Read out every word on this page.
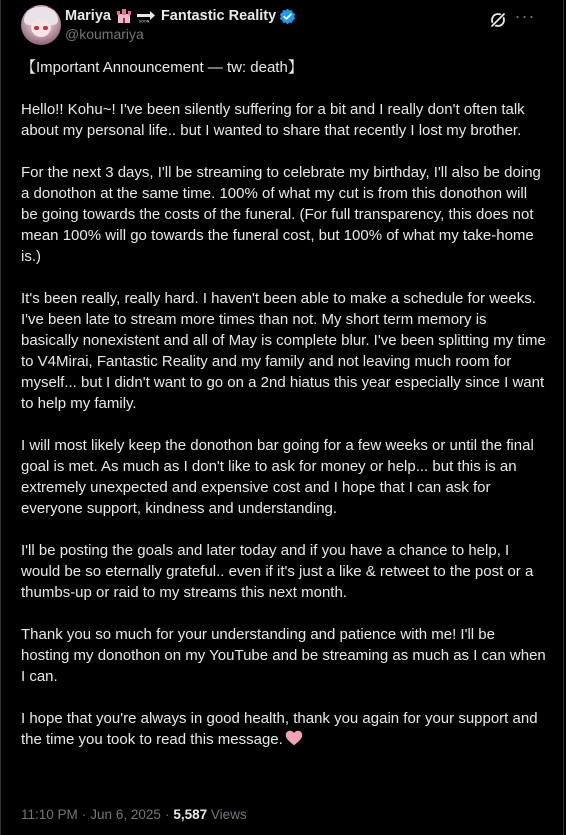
Mariya	SOON Fantastic Reality
@koumariya
···

【Important Announcement — tw: death】

Hello!! Kohu~! I've been silently suffering for a bit and I really don't often talk about my personal life.. but I wanted to share that recently I lost my brother.

For the next 3 days, I'll be streaming to celebrate my birthday, I'll also be doing a donothon at the same time. 100% of what my cut is from this donothon will be going towards the costs of the funeral. (For full transparency, this does not mean 100% will go towards the funeral cost, but 100% of what my take-home is.)

It's been really, really hard. I haven't been able to make a schedule for weeks. I've been late to stream more times than not. My short term memory is basically nonexistent and all of May is complete blur. I've been splitting my time to V4Mirai, Fantastic Reality and my family and not leaving much room for myself... but I didn't want to go on a 2nd hiatus this year especially since I want to help my family.

I will most likely keep the donothon bar going for a few weeks or until the final goal is met. As much as I don't like to ask for money or help... but this is an extremely unexpected and expensive cost and I hope that I can ask for everyone support, kindness and understanding.

I'll be posting the goals and later today and if you have a chance to help, I would be so eternally grateful.. even if it's just a like & retweet to the post or a thumbs-up or raid to my streams this next month.

Thank you so much for your understanding and patience with me! I'll be hosting my donothon on my YouTube and be streaming as much as I can when I can.

I hope that you're always in good health, thank you again for your support and the time you took to read this message.

11:10 PM · Jun 6, 2025 · 5,587 Views
